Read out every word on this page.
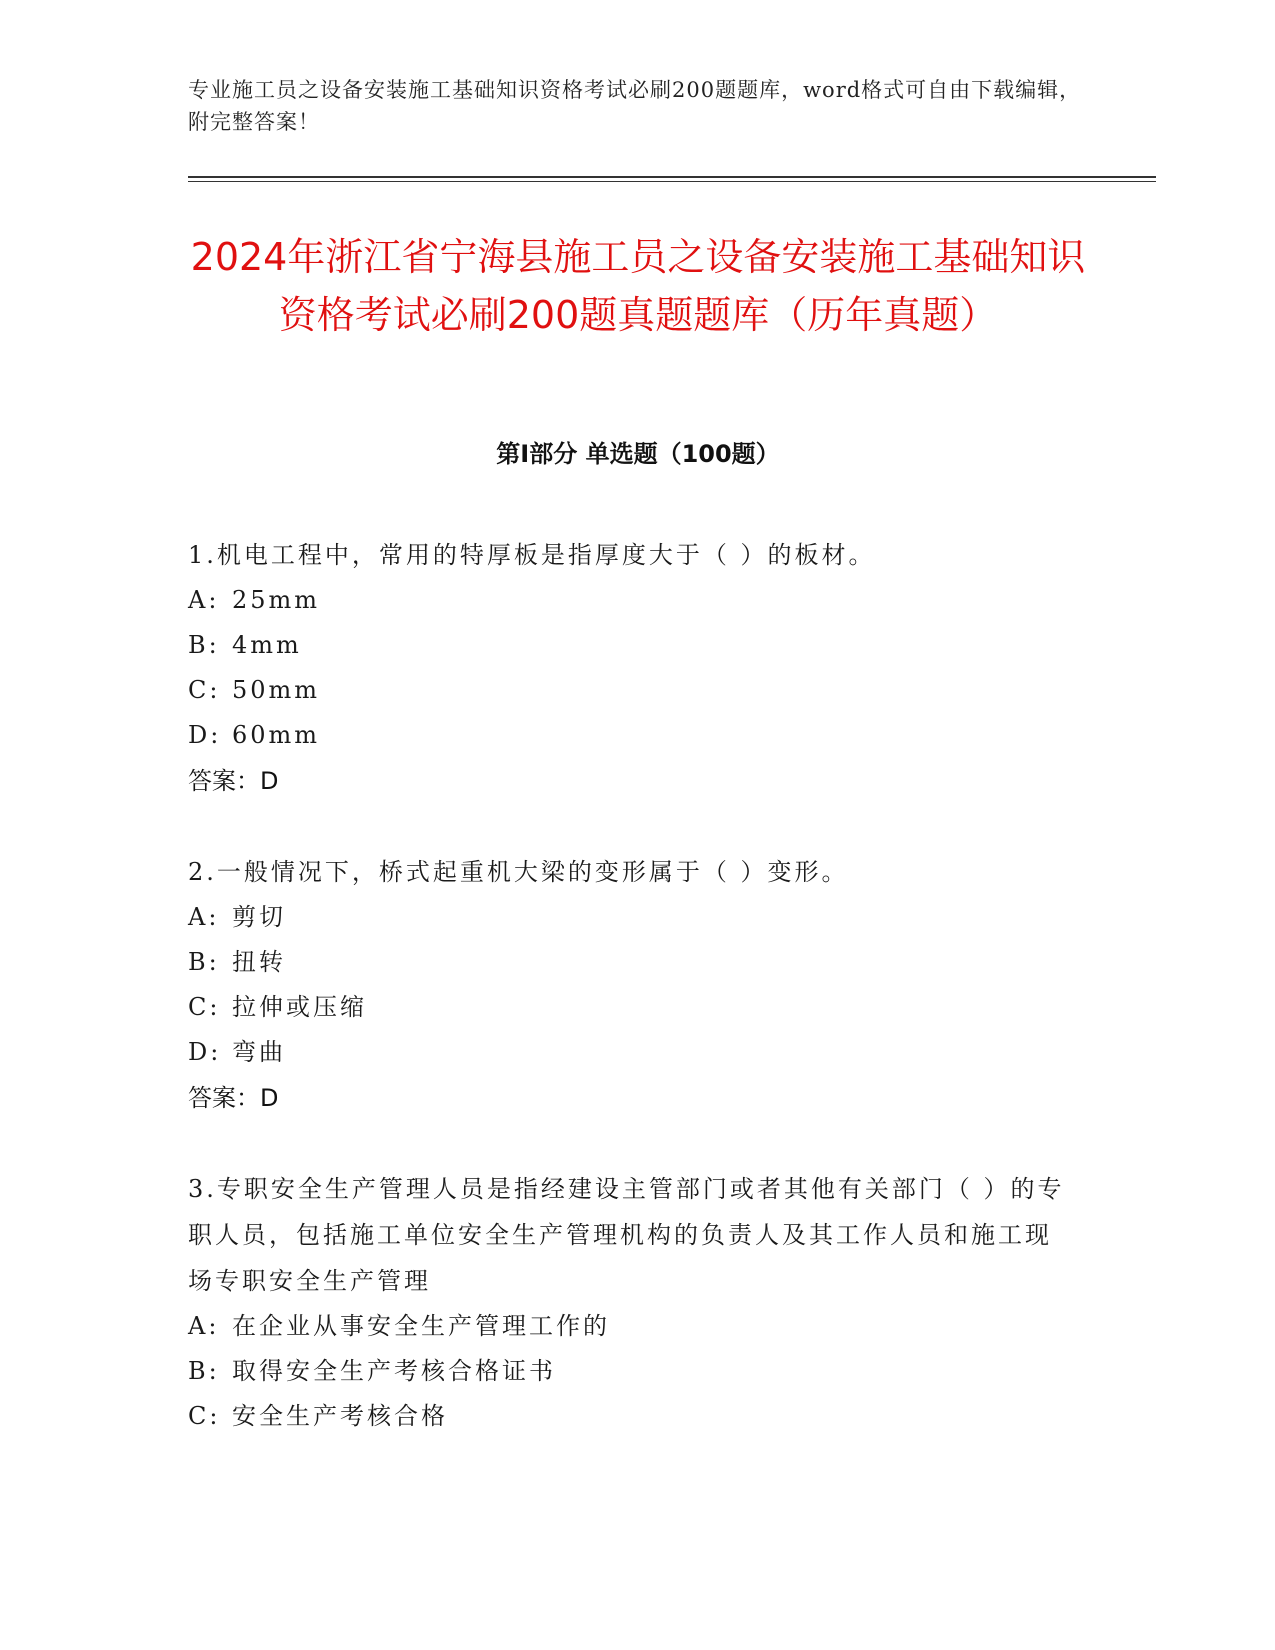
专业施工员之设备安装施工基础知识资格考试必刷200题题库，word格式可自由下载编辑，附完整答案！
2024年浙江省宁海县施工员之设备安装施工基础知识资格考试必刷200题真题题库（历年真题）
第I部分 单选题（100题）
1.机电工程中，常用的特厚板是指厚度大于（ ）的板材。
A: 25mm
B: 4mm
C: 50mm
D: 60mm
答案：D
2.一般情况下，桥式起重机大梁的变形属于（ ）变形。
A: 剪切
B: 扭转
C: 拉伸或压缩
D: 弯曲
答案：D
3.专职安全生产管理人员是指经建设主管部门或者其他有关部门（ ）的专职人员，包括施工单位安全生产管理机构的负责人及其工作人员和施工现场专职安全生产管理
A: 在企业从事安全生产管理工作的
B: 取得安全生产考核合格证书
C: 安全生产考核合格
